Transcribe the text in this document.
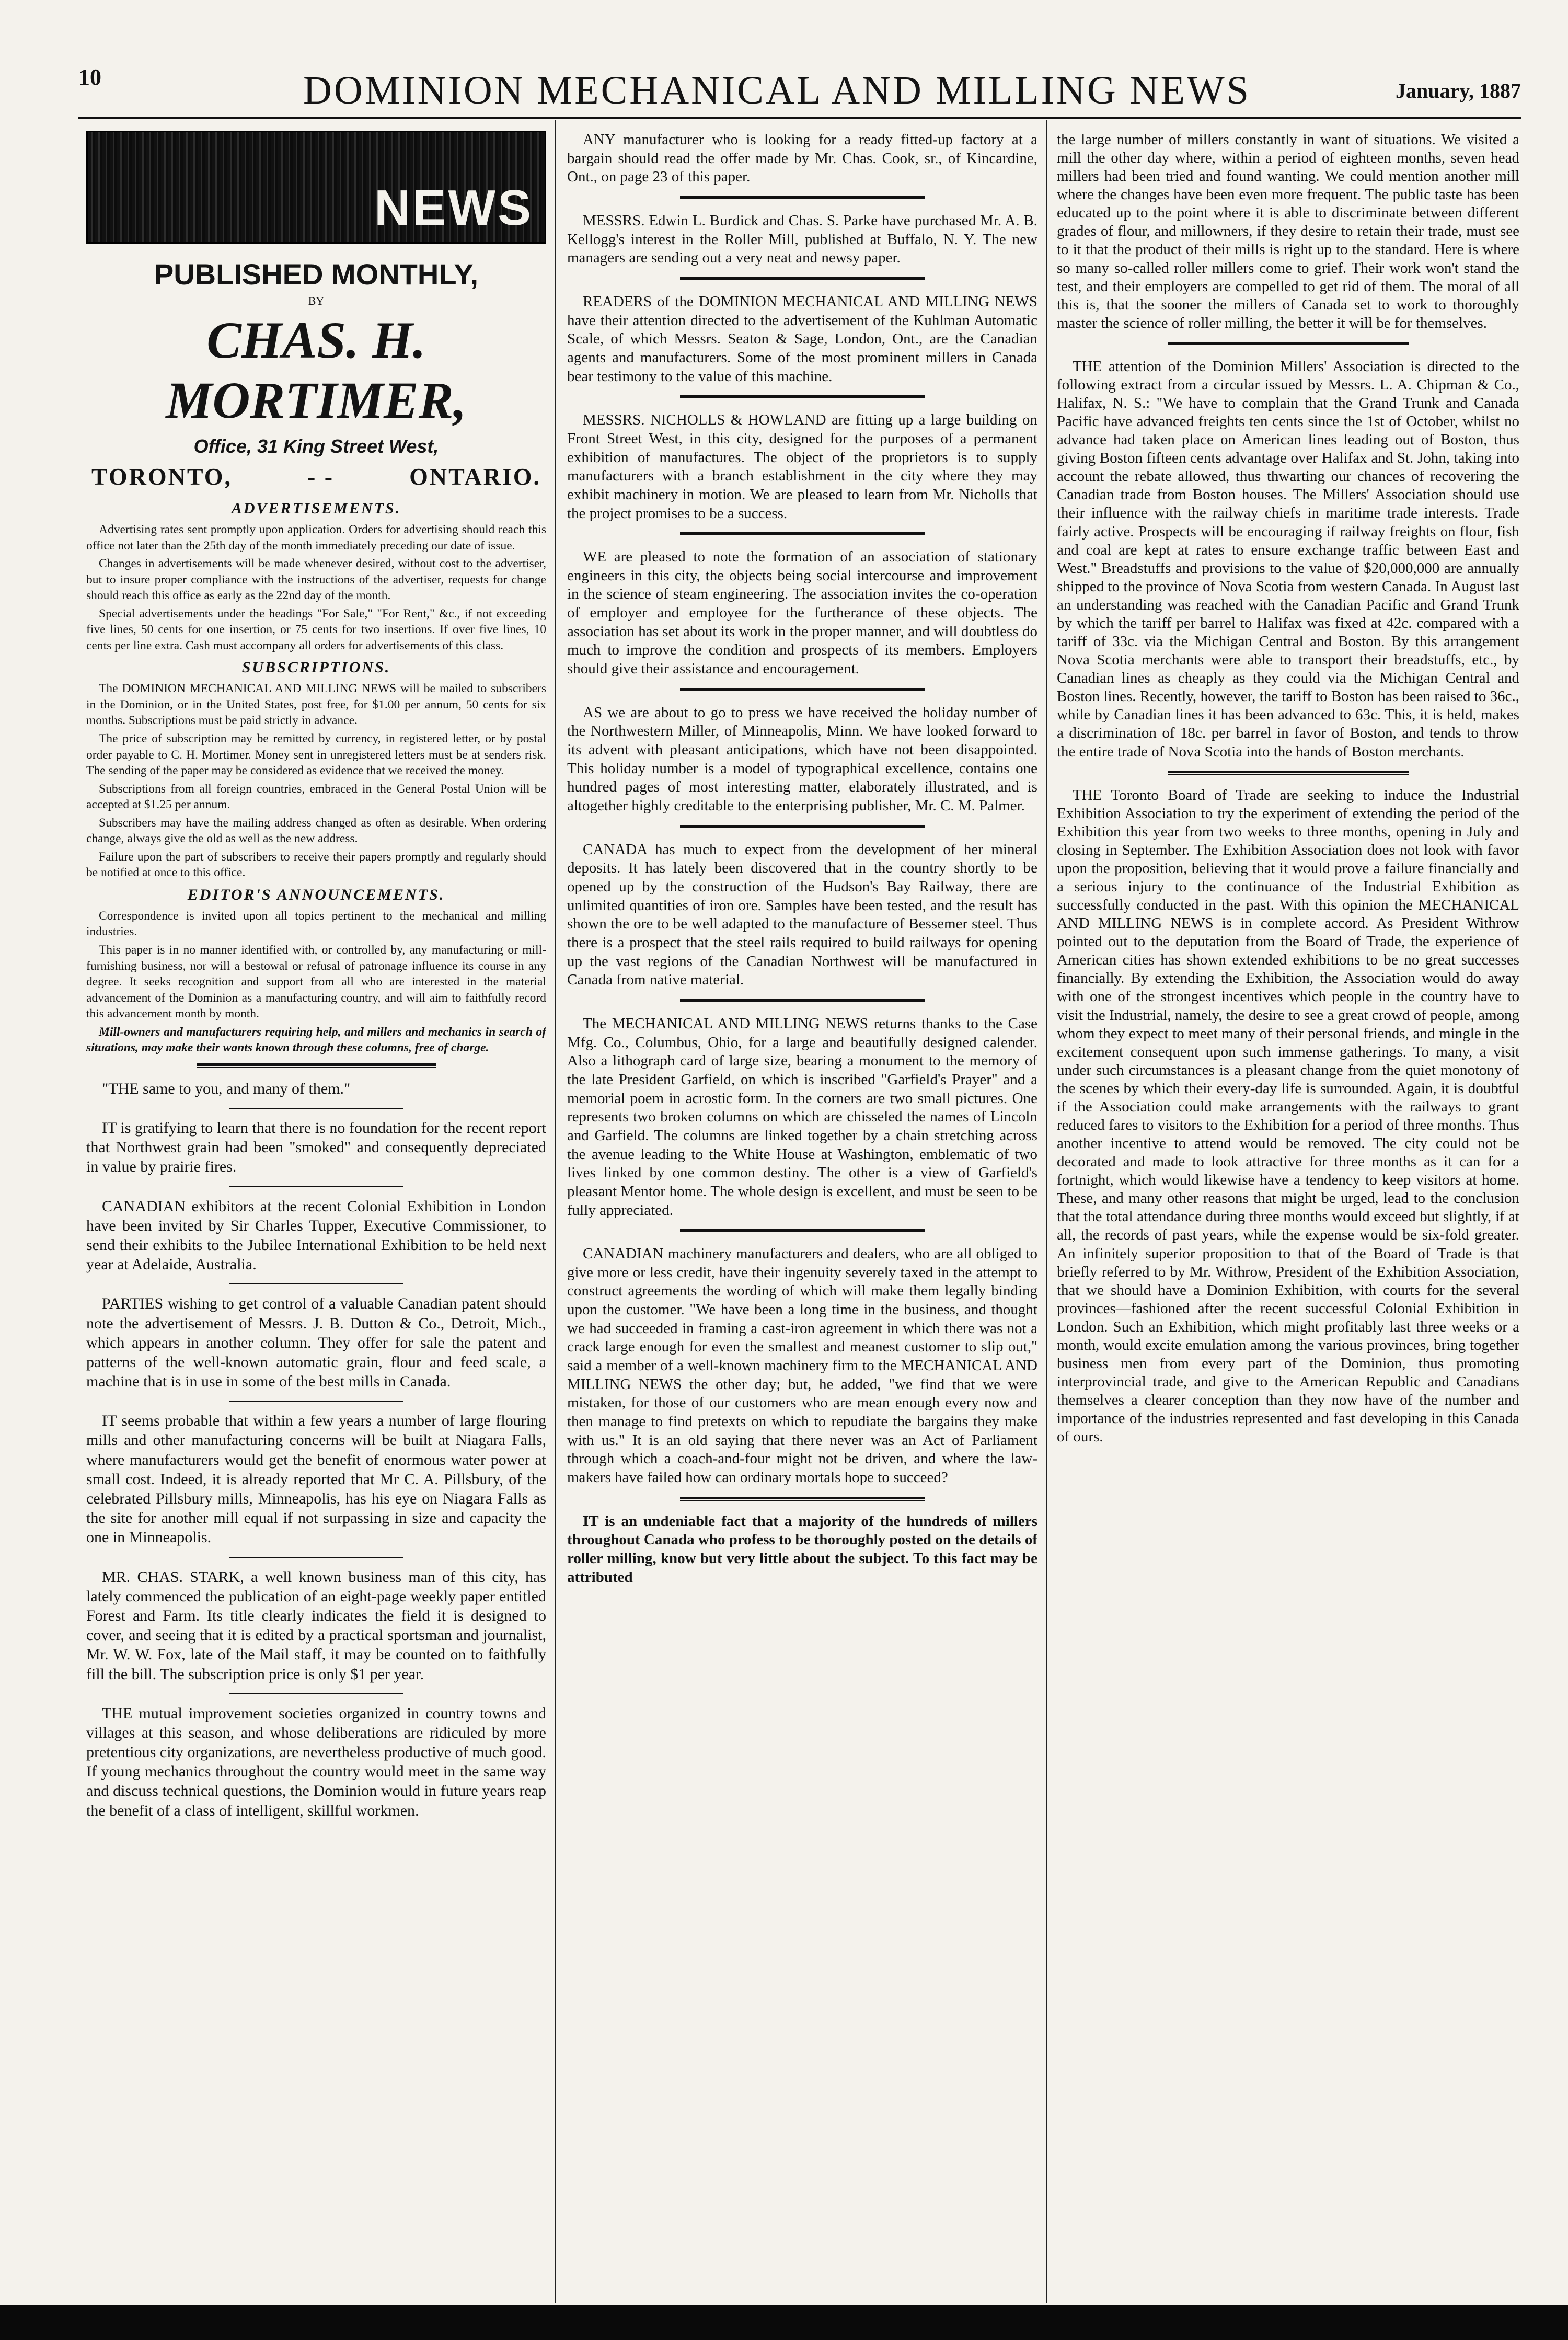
10	DOMINION MECHANICAL AND MILLING NEWS	January, 1887
NEWS
PUBLISHED MONTHLY,
BY
CHAS. H. MORTIMER,
Office, 31 King Street West,
TORONTO,	- -	ONTARIO.
ADVERTISEMENTS.

Advertising rates sent promptly upon application. Orders for advertising should reach this office not later than the 25th day of the month immediately preceding our date of issue.

Changes in advertisements will be made whenever desired, without cost to the advertiser, but to insure proper compliance with the instructions of the advertiser, requests for change should reach this office as early as the 22nd day of the month.

Special advertisements under the headings "For Sale," "For Rent," &c., if not exceeding five lines, 50 cents for one insertion, or 75 cents for two insertions. If over five lines, 10 cents per line extra. Cash must accompany all orders for advertisements of this class.

SUBSCRIPTIONS.

The DOMINION MECHANICAL AND MILLING NEWS will be mailed to subscribers in the Dominion, or in the United States, post free, for $1.00 per annum, 50 cents for six months. Subscriptions must be paid strictly in advance.

The price of subscription may be remitted by currency, in registered letter, or by postal order payable to C. H. Mortimer. Money sent in unregistered letters must be at senders risk. The sending of the paper may be considered as evidence that we received the money.

Subscriptions from all foreign countries, embraced in the General Postal Union will be accepted at $1.25 per annum.

Subscribers may have the mailing address changed as often as desirable. When ordering change, always give the old as well as the new address.

Failure upon the part of subscribers to receive their papers promptly and regularly should be notified at once to this office.

EDITOR'S ANNOUNCEMENTS.

Correspondence is invited upon all topics pertinent to the mechanical and milling industries.

This paper is in no manner identified with, or controlled by, any manufacturing or mill-furnishing business, nor will a bestowal or refusal of patronage influence its course in any degree. It seeks recognition and support from all who are interested in the material advancement of the Dominion as a manufacturing country, and will aim to faithfully record this advancement month by month.

Mill-owners and manufacturers requiring help, and millers and mechanics in search of situations, may make their wants known through these columns, free of charge.

"THE same to you, and many of them."

IT is gratifying to learn that there is no foundation for the recent report that Northwest grain had been "smoked" and consequently depreciated in value by prairie fires.

CANADIAN exhibitors at the recent Colonial Exhibition in London have been invited by Sir Charles Tupper, Executive Commissioner, to send their exhibits to the Jubilee International Exhibition to be held next year at Adelaide, Australia.

PARTIES wishing to get control of a valuable Canadian patent should note the advertisement of Messrs. J. B. Dutton & Co., Detroit, Mich., which appears in another column. They offer for sale the patent and patterns of the well-known automatic grain, flour and feed scale, a machine that is in use in some of the best mills in Canada.

IT seems probable that within a few years a number of large flouring mills and other manufacturing concerns will be built at Niagara Falls, where manufacturers would get the benefit of enormous water power at small cost. Indeed, it is already reported that Mr C. A. Pillsbury, of the celebrated Pillsbury mills, Minneapolis, has his eye on Niagara Falls as the site for another mill equal if not surpassing in size and capacity the one in Minneapolis.

MR. CHAS. STARK, a well known business man of this city, has lately commenced the publication of an eight-page weekly paper entitled Forest and Farm. Its title clearly indicates the field it is designed to cover, and seeing that it is edited by a practical sportsman and journalist, Mr. W. W. Fox, late of the Mail staff, it may be counted on to faithfully fill the bill. The subscription price is only $1 per year.

THE mutual improvement societies organized in country towns and villages at this season, and whose deliberations are ridiculed by more pretentious city organizations, are nevertheless productive of much good. If young mechanics throughout the country would meet in the same way and discuss technical questions, the Dominion would in future years reap the benefit of a class of intelligent, skillful workmen.

ANY manufacturer who is looking for a ready fitted-up factory at a bargain should read the offer made by Mr. Chas. Cook, sr., of Kincardine, Ont., on page 23 of this paper.

MESSRS. Edwin L. Burdick and Chas. S. Parke have purchased Mr. A. B. Kellogg's interest in the Roller Mill, published at Buffalo, N. Y. The new managers are sending out a very neat and newsy paper.

READERS of the DOMINION MECHANICAL AND MILLING NEWS have their attention directed to the advertisement of the Kuhlman Automatic Scale, of which Messrs. Seaton & Sage, London, Ont., are the Canadian agents and manufacturers. Some of the most prominent millers in Canada bear testimony to the value of this machine.

MESSRS. NICHOLLS & HOWLAND are fitting up a large building on Front Street West, in this city, designed for the purposes of a permanent exhibition of manufactures. The object of the proprietors is to supply manufacturers with a branch establishment in the city where they may exhibit machinery in motion. We are pleased to learn from Mr. Nicholls that the project promises to be a success.

WE are pleased to note the formation of an association of stationary engineers in this city, the objects being social intercourse and improvement in the science of steam engineering. The association invites the co-operation of employer and employee for the furtherance of these objects. The association has set about its work in the proper manner, and will doubtless do much to improve the condition and prospects of its members. Employers should give their assistance and encouragement.

AS we are about to go to press we have received the holiday number of the Northwestern Miller, of Minneapolis, Minn. We have looked forward to its advent with pleasant anticipations, which have not been disappointed. This holiday number is a model of typographical excellence, contains one hundred pages of most interesting matter, elaborately illustrated, and is altogether highly creditable to the enterprising publisher, Mr. C. M. Palmer.

CANADA has much to expect from the development of her mineral deposits. It has lately been discovered that in the country shortly to be opened up by the construction of the Hudson's Bay Railway, there are unlimited quantities of iron ore. Samples have been tested, and the result has shown the ore to be well adapted to the manufacture of Bessemer steel. Thus there is a prospect that the steel rails required to build railways for opening up the vast regions of the Canadian Northwest will be manufactured in Canada from native material.

The MECHANICAL AND MILLING NEWS returns thanks to the Case Mfg. Co., Columbus, Ohio, for a large and beautifully designed calender. Also a lithograph card of large size, bearing a monument to the memory of the late President Garfield, on which is inscribed "Garfield's Prayer" and a memorial poem in acrostic form. In the corners are two small pictures. One represents two broken columns on which are chisseled the names of Lincoln and Garfield. The columns are linked together by a chain stretching across the avenue leading to the White House at Washington, emblematic of two lives linked by one common destiny. The other is a view of Garfield's pleasant Mentor home. The whole design is excellent, and must be seen to be fully appreciated.

CANADIAN machinery manufacturers and dealers, who are all obliged to give more or less credit, have their ingenuity severely taxed in the attempt to construct agreements the wording of which will make them legally binding upon the customer. "We have been a long time in the business, and thought we had succeeded in framing a cast-iron agreement in which there was not a crack large enough for even the smallest and meanest customer to slip out," said a member of a well-known machinery firm to the MECHANICAL AND MILLING NEWS the other day; but, he added, "we find that we were mistaken, for those of our customers who are mean enough every now and then manage to find pretexts on which to repudiate the bargains they make with us." It is an old saying that there never was an Act of Parliament through which a coach-and-four might not be driven, and where the law-makers have failed how can ordinary mortals hope to succeed?

IT is an undeniable fact that a majority of the hundreds of millers throughout Canada who profess to be thoroughly posted on the details of roller milling, know but very little about the subject. To this fact may be attributed

the large number of millers constantly in want of situations. We visited a mill the other day where, within a period of eighteen months, seven head millers had been tried and found wanting. We could mention another mill where the changes have been even more frequent. The public taste has been educated up to the point where it is able to discriminate between different grades of flour, and millowners, if they desire to retain their trade, must see to it that the product of their mills is right up to the standard. Here is where so many so-called roller millers come to grief. Their work won't stand the test, and their employers are compelled to get rid of them. The moral of all this is, that the sooner the millers of Canada set to work to thoroughly master the science of roller milling, the better it will be for themselves.

THE attention of the Dominion Millers' Association is directed to the following extract from a circular issued by Messrs. L. A. Chipman & Co., Halifax, N. S.: "We have to complain that the Grand Trunk and Canada Pacific have advanced freights ten cents since the 1st of October, whilst no advance had taken place on American lines leading out of Boston, thus giving Boston fifteen cents advantage over Halifax and St. John, taking into account the rebate allowed, thus thwarting our chances of recovering the Canadian trade from Boston houses. The Millers' Association should use their influence with the railway chiefs in maritime trade interests. Trade fairly active. Prospects will be encouraging if railway freights on flour, fish and coal are kept at rates to ensure exchange traffic between East and West." Breadstuffs and provisions to the value of $20,000,000 are annually shipped to the province of Nova Scotia from western Canada. In August last an understanding was reached with the Canadian Pacific and Grand Trunk by which the tariff per barrel to Halifax was fixed at 42c. compared with a tariff of 33c. via the Michigan Central and Boston. By this arrangement Nova Scotia merchants were able to transport their breadstuffs, etc., by Canadian lines as cheaply as they could via the Michigan Central and Boston lines. Recently, however, the tariff to Boston has been raised to 36c., while by Canadian lines it has been advanced to 63c. This, it is held, makes a discrimination of 18c. per barrel in favor of Boston, and tends to throw the entire trade of Nova Scotia into the hands of Boston merchants.

THE Toronto Board of Trade are seeking to induce the Industrial Exhibition Association to try the experiment of extending the period of the Exhibition this year from two weeks to three months, opening in July and closing in September. The Exhibition Association does not look with favor upon the proposition, believing that it would prove a failure financially and a serious injury to the continuance of the Industrial Exhibition as successfully conducted in the past. With this opinion the MECHANICAL AND MILLING NEWS is in complete accord. As President Withrow pointed out to the deputation from the Board of Trade, the experience of American cities has shown extended exhibitions to be no great successes financially. By extending the Exhibition, the Association would do away with one of the strongest incentives which people in the country have to visit the Industrial, namely, the desire to see a great crowd of people, among whom they expect to meet many of their personal friends, and mingle in the excitement consequent upon such immense gatherings. To many, a visit under such circumstances is a pleasant change from the quiet monotony of the scenes by which their every-day life is surrounded. Again, it is doubtful if the Association could make arrangements with the railways to grant reduced fares to visitors to the Exhibition for a period of three months. Thus another incentive to attend would be removed. The city could not be decorated and made to look attractive for three months as it can for a fortnight, which would likewise have a tendency to keep visitors at home. These, and many other reasons that might be urged, lead to the conclusion that the total attendance during three months would exceed but slightly, if at all, the records of past years, while the expense would be six-fold greater. An infinitely superior proposition to that of the Board of Trade is that briefly referred to by Mr. Withrow, President of the Exhibition Association, that we should have a Dominion Exhibition, with courts for the several provinces—fashioned after the recent successful Colonial Exhibition in London. Such an Exhibition, which might profitably last three weeks or a month, would excite emulation among the various provinces, bring together business men from every part of the Dominion, thus promoting interprovincial trade, and give to the American Republic and Canadians themselves a clearer conception than they now have of the number and importance of the industries represented and fast developing in this Canada of ours.
